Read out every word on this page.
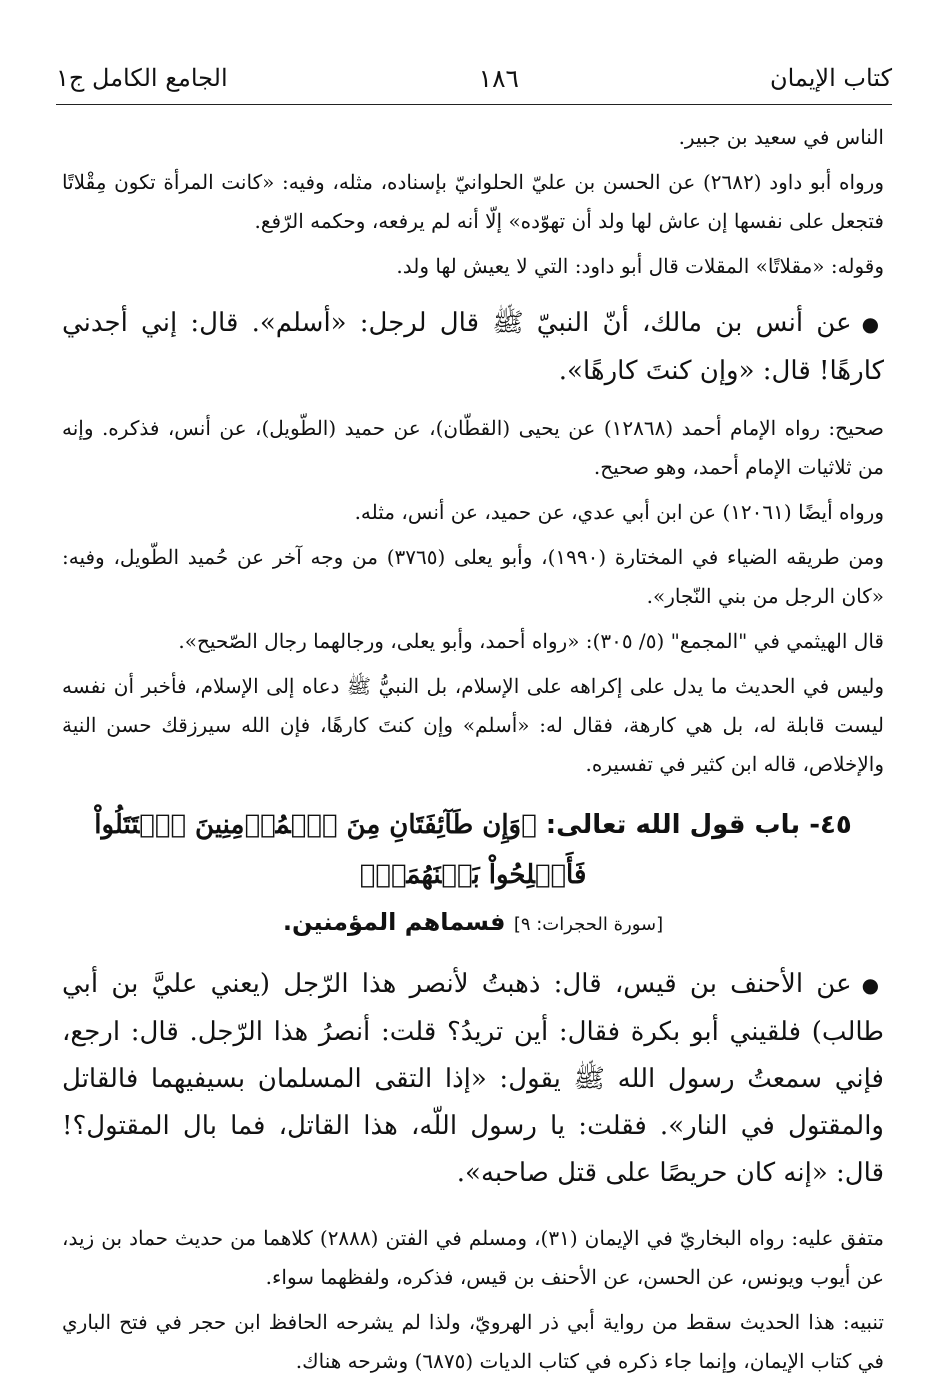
كتاب الإيمان
١٨٦
الجامع الكامل ج١

الناس في سعيد بن جبير.

ورواه أبو داود (٢٦٨٢) عن الحسن بن عليّ الحلوانيّ بإسناده، مثله، وفيه: «كانت المرأة تكون مِقْلاتًا فتجعل على نفسها إن عاش لها ولد أن تهوّده» إلّا أنه لم يرفعه، وحكمه الرّفع.

وقوله: «مقلاتًا» المقلات قال أبو داود: التي لا يعيش لها ولد.

●عن أنس بن مالك، أنّ النبيّ ﷺ قال لرجل: «أسلم». قال: إني أجدني كارهًا! قال: «وإن كنتَ كارهًا».

صحيح: رواه الإمام أحمد (١٢٨٦٨) عن يحيى (القطّان)، عن حميد (الطّويل)، عن أنس، فذكره. وإنه من ثلاثيات الإمام أحمد، وهو صحيح.

ورواه أيضًا (١٢٠٦١) عن ابن أبي عدي، عن حميد، عن أنس، مثله.

ومن طريقه الضياء في المختارة (١٩٩٠)، وأبو يعلى (٣٧٦٥) من وجه آخر عن حُميد الطّويل، وفيه: «كان الرجل من بني النّجار».

قال الهيثمي في "المجمع" (٥/ ٣٠٥): «رواه أحمد، وأبو يعلى، ورجالهما رجال الصّحيح».

وليس في الحديث ما يدل على إكراهه على الإسلام، بل النبيُّ ﷺ دعاه إلى الإسلام، فأخبر أن نفسه ليست قابلة له، بل هي كارهة، فقال له: «أسلم» وإن كنتَ كارهًا، فإن الله سيرزقك حسن النية والإخلاص، قاله ابن كثير في تفسيره.

٤٥- باب قول الله تعالى: ﴿وَإِن طَآئِفَتَانِ مِنَ ٱلۡمُؤۡمِنِينَ ٱقۡتَتَلُواْ فَأَصۡلِحُواْ بَيۡنَهُمَاۖ﴾
[سورة الحجرات: ٩] فسماهم المؤمنين.

●عن الأحنف بن قيس، قال: ذهبتُ لأنصر هذا الرّجل (يعني عليَّ بن أبي طالب) فلقيني أبو بكرة فقال: أين تريدُ؟ قلت: أنصرُ هذا الرّجل. قال: ارجع، فإني سمعتُ رسول الله ﷺ يقول: «إذا التقى المسلمان بسيفيهما فالقاتل والمقتول في النار». فقلت: يا رسول اللّه، هذا القاتل، فما بال المقتول؟! قال: «إنه كان حريصًا على قتل صاحبه».

متفق عليه: رواه البخاريّ في الإيمان (٣١)، ومسلم في الفتن (٢٨٨٨) كلاهما من حديث حماد بن زيد، عن أيوب ويونس، عن الحسن، عن الأحنف بن قيس، فذكره، ولفظهما سواء.

تنبيه: هذا الحديث سقط من رواية أبي ذر الهرويّ، ولذا لم يشرحه الحافظ ابن حجر في فتح الباري في كتاب الإيمان، وإنما جاء ذكره في كتاب الديات (٦٨٧٥) وشرحه هناك.
